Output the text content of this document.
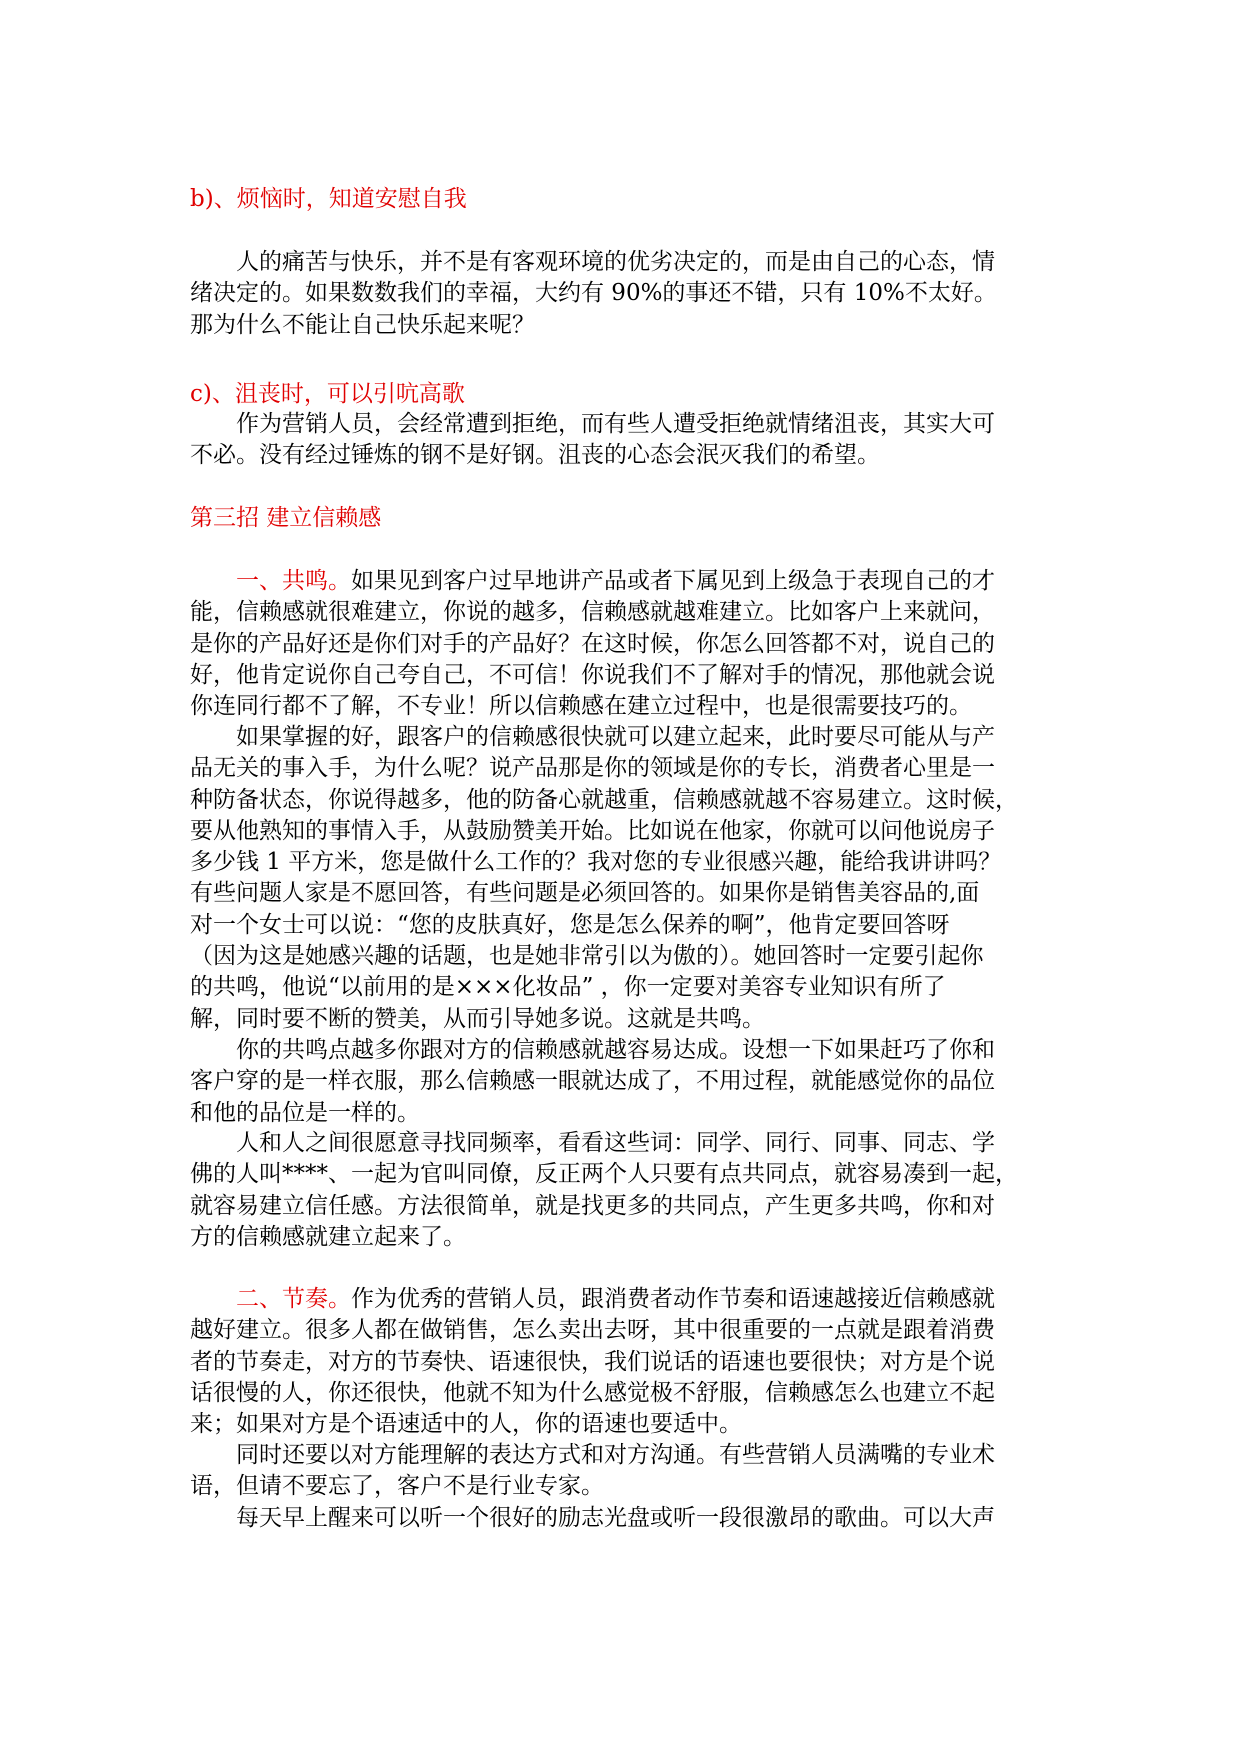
b)、烦恼时，知道安慰自我
人的痛苦与快乐，并不是有客观环境的优劣决定的，而是由自己的心态，情
绪决定的。如果数数我们的幸福，大约有 90%的事还不错，只有 10%不太好。
那为什么不能让自己快乐起来呢？
c)、沮丧时，可以引吭高歌
作为营销人员，会经常遭到拒绝，而有些人遭受拒绝就情绪沮丧，其实大可
不必。没有经过锤炼的钢不是好钢。沮丧的心态会泯灭我们的希望。
第三招 建立信赖感
一、共鸣。如果见到客户过早地讲产品或者下属见到上级急于表现自己的才
能，信赖感就很难建立，你说的越多，信赖感就越难建立。比如客户上来就问，
是你的产品好还是你们对手的产品好？在这时候，你怎么回答都不对，说自己的
好，他肯定说你自己夸自己，不可信！你说我们不了解对手的情况，那他就会说
你连同行都不了解，不专业！所以信赖感在建立过程中，也是很需要技巧的。
如果掌握的好，跟客户的信赖感很快就可以建立起来，此时要尽可能从与产
品无关的事入手，为什么呢？说产品那是你的领域是你的专长，消费者心里是一
种防备状态，你说得越多，他的防备心就越重，信赖感就越不容易建立。这时候，
要从他熟知的事情入手，从鼓励赞美开始。比如说在他家，你就可以问他说房子
多少钱 1 平方米，您是做什么工作的？我对您的专业很感兴趣，能给我讲讲吗？
有些问题人家是不愿回答，有些问题是必须回答的。如果你是销售美容品的,面
对一个女士可以说：“您的皮肤真好，您是怎么保养的啊”，他肯定要回答呀
（因为这是她感兴趣的话题，也是她非常引以为傲的）。她回答时一定要引起你
的共鸣，他说“以前用的是×××化妆品” ，你一定要对美容专业知识有所了
解，同时要不断的赞美，从而引导她多说。这就是共鸣。
你的共鸣点越多你跟对方的信赖感就越容易达成。设想一下如果赶巧了你和
客户穿的是一样衣服，那么信赖感一眼就达成了，不用过程，就能感觉你的品位
和他的品位是一样的。
人和人之间很愿意寻找同频率，看看这些词：同学、同行、同事、同志、学
佛的人叫****、一起为官叫同僚，反正两个人只要有点共同点，就容易凑到一起，
就容易建立信任感。方法很简单，就是找更多的共同点，产生更多共鸣，你和对
方的信赖感就建立起来了。
二、节奏。作为优秀的营销人员，跟消费者动作节奏和语速越接近信赖感就
越好建立。很多人都在做销售，怎么卖出去呀，其中很重要的一点就是跟着消费
者的节奏走，对方的节奏快、语速很快，我们说话的语速也要很快；对方是个说
话很慢的人，你还很快，他就不知为什么感觉极不舒服，信赖感怎么也建立不起
来；如果对方是个语速适中的人，你的语速也要适中。
同时还要以对方能理解的表达方式和对方沟通。有些营销人员满嘴的专业术
语，但请不要忘了，客户不是行业专家。
每天早上醒来可以听一个很好的励志光盘或听一段很激昂的歌曲。可以大声
